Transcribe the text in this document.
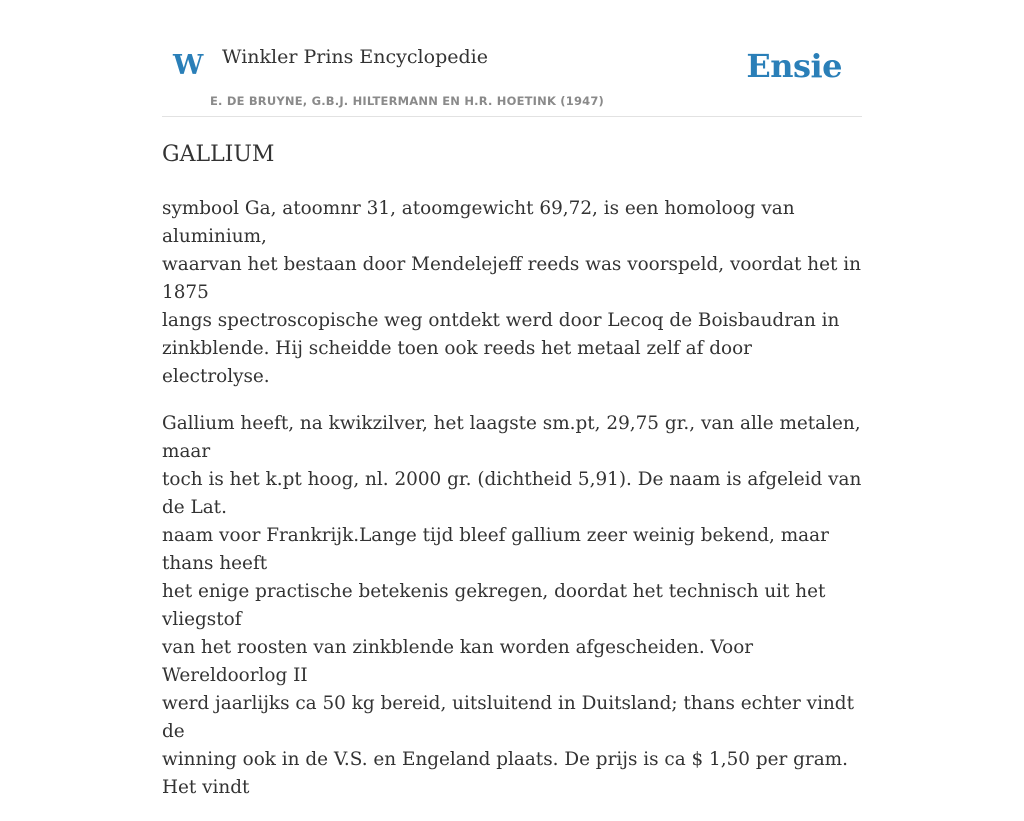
W Winkler Prins Encyclopedie
E. DE BRUYNE, G.B.J. HILTERMANN EN H.R. HOETINK (1947)
Ensie
GALLIUM

symbool Ga, atoomnr 31, atoomgewicht 69,72, is een homoloog van aluminium,
waarvan het bestaan door Mendelejeff reeds was voorspeld, voordat het in 1875
langs spectroscopische weg ontdekt werd door Lecoq de Boisbaudran in
zinkblende. Hij scheidde toen ook reeds het metaal zelf af door electrolyse.

Gallium heeft, na kwikzilver, het laagste sm.pt, 29,75 gr., van alle metalen, maar
toch is het k.pt hoog, nl. 2000 gr. (dichtheid 5,91). De naam is afgeleid van de Lat.
naam voor Frankrijk.Lange tijd bleef gallium zeer weinig bekend, maar thans heeft
het enige practische betekenis gekregen, doordat het technisch uit het vliegstof
van het roosten van zinkblende kan worden afgescheiden. Voor Wereldoorlog II
werd jaarlijks ca 50 kg bereid, uitsluitend in Duitsland; thans echter vindt de
winning ook in de V.S. en Engeland plaats. De prijs is ca $ 1,50 per gram. Het vindt
